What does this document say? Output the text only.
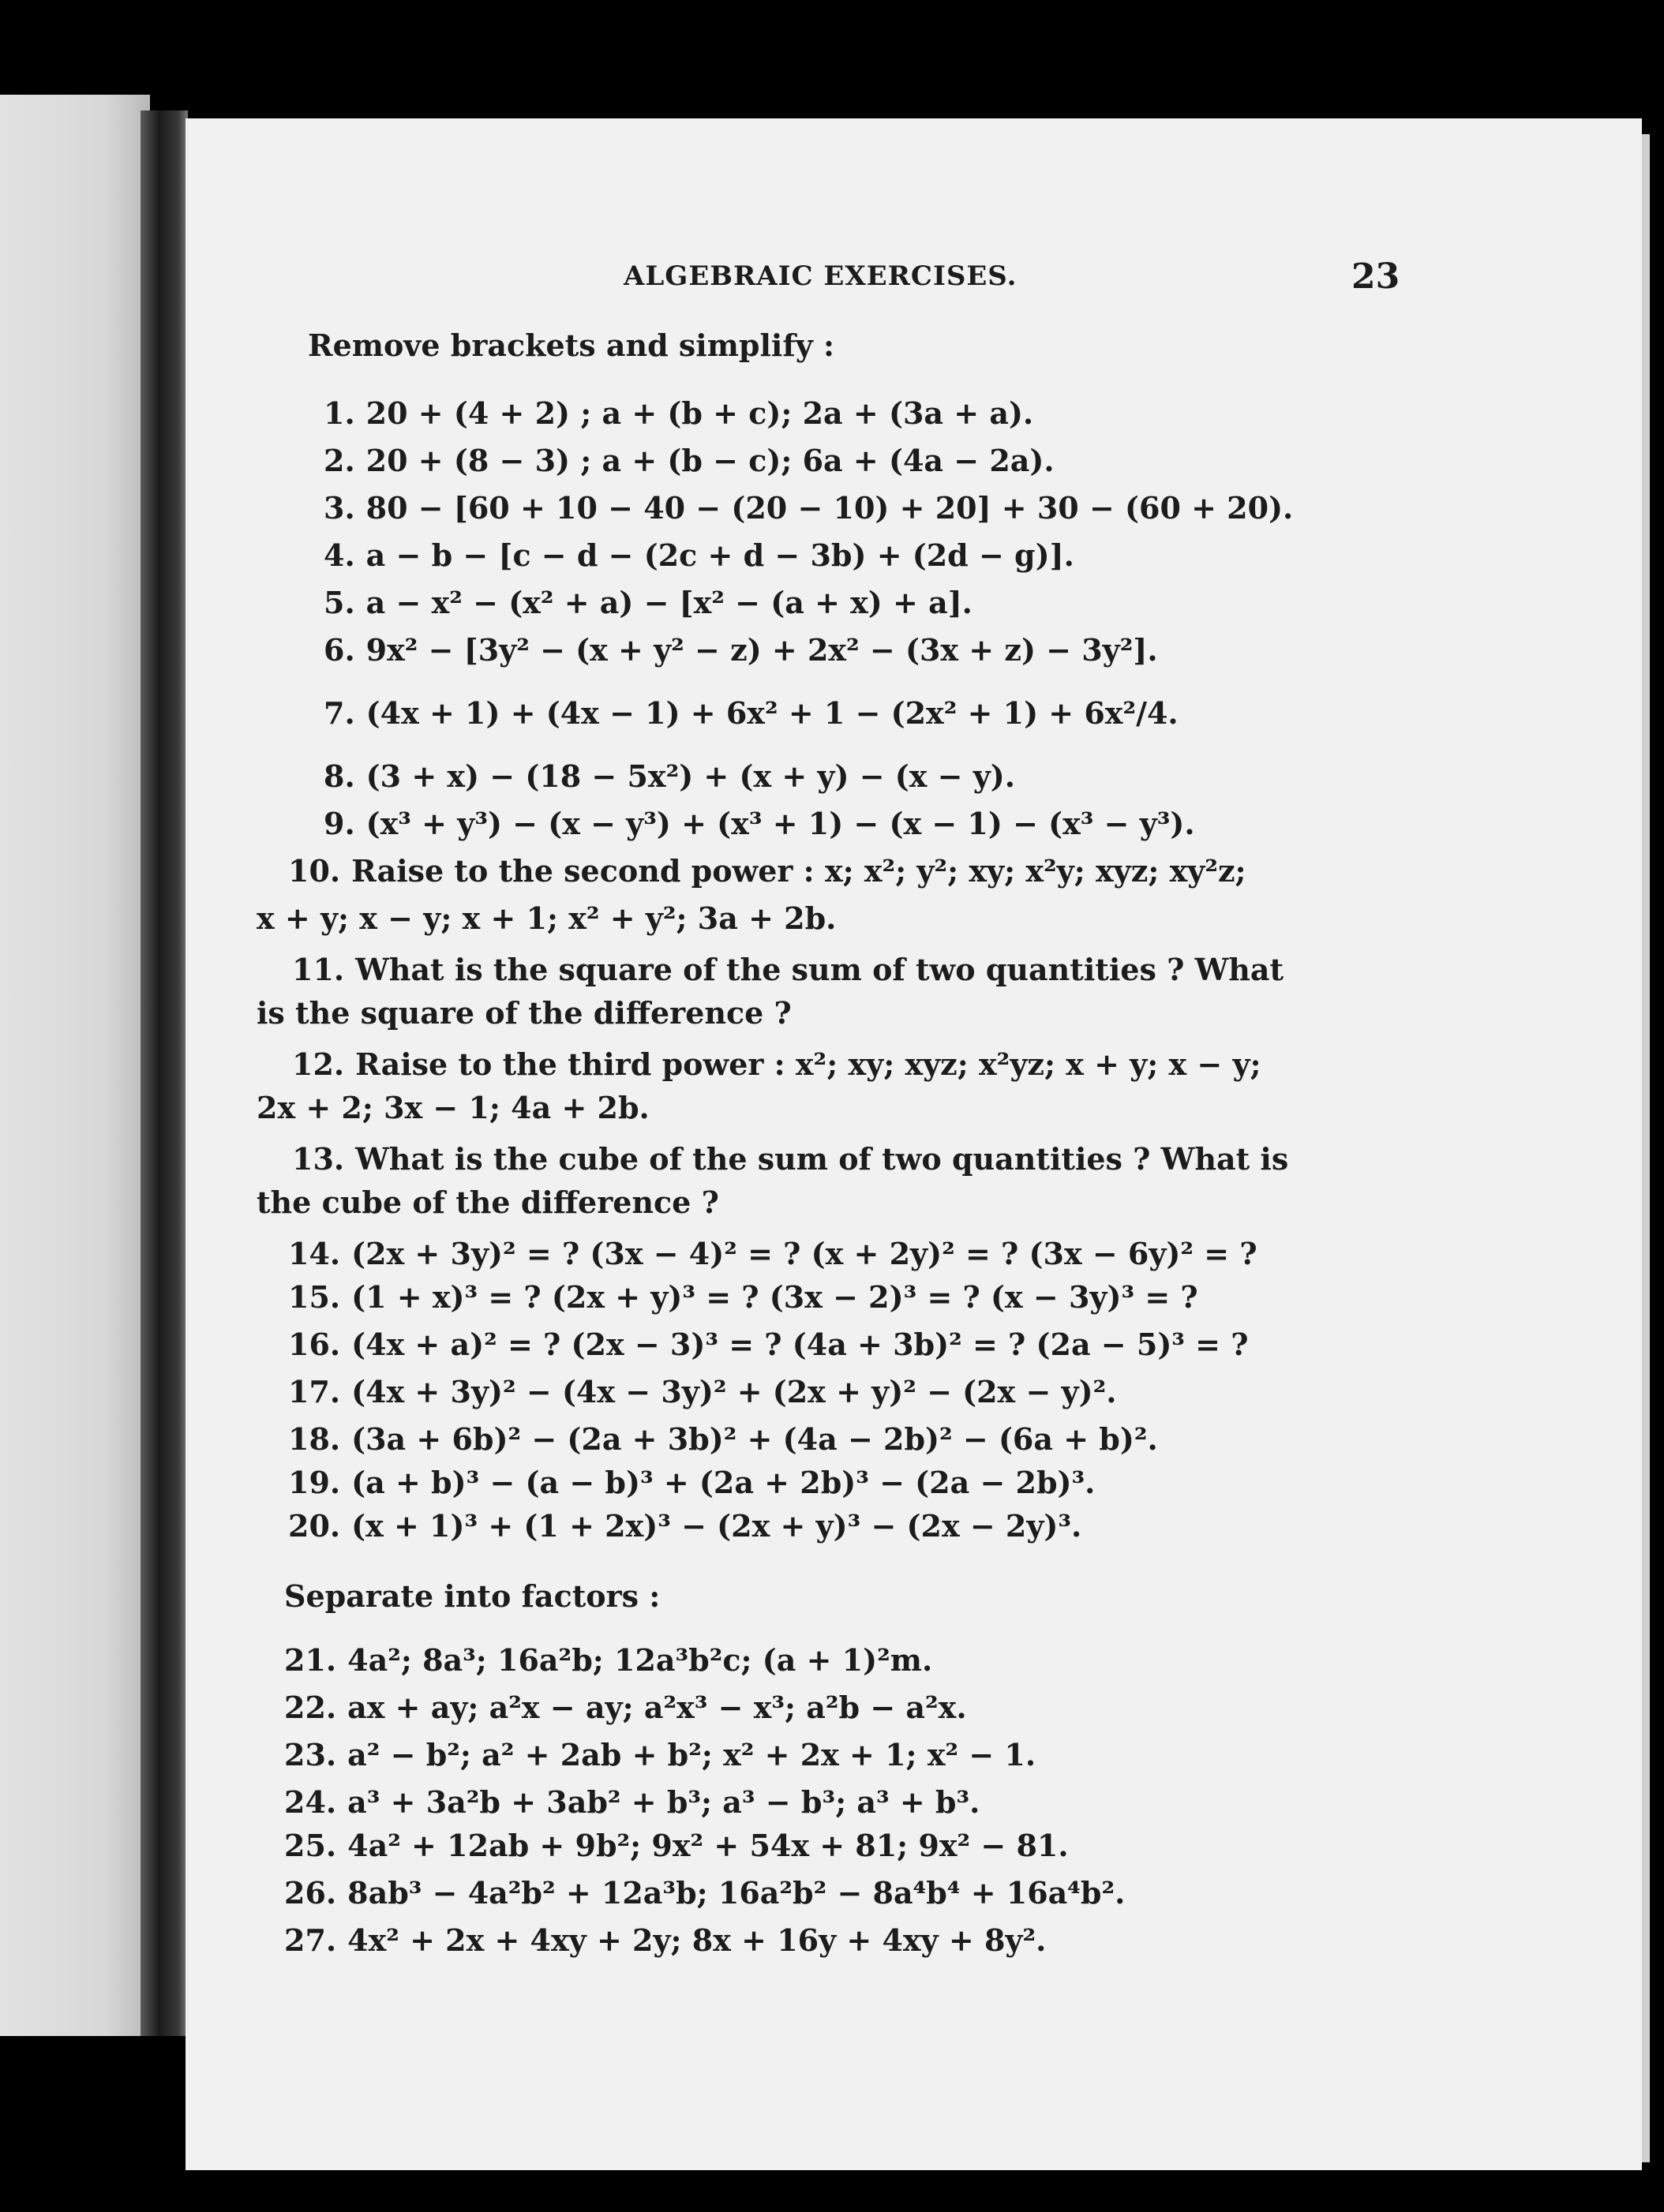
ALGEBRAIC EXERCISES.	23
Remove brackets and simplify :
1. 20 + (4 + 2) ; a + (b + c); 2a + (3a + a).
2. 20 + (8 − 3) ; a + (b − c); 6a + (4a − 2a).
3. 80 − [60 + 10 − 40 − (20 − 10) + 20] + 30 − (60 + 20).
4. a − b − [c − d − (2c + d − 3b) + (2d − g)].
5. a − x² − (x² + a) − [x² − (a + x) + a].
6. 9x² − [3y² − (x + y² − z) + 2x² − (3x + z) − 3y²].
7. (4x + 1) + (4x − 1) + 6x² + 1 − (2x² + 1) + 6x²/4.
8. (3 + x) − (18 − 5x²) + (x + y) − (x − y).
9. (x³ + y³) − (x − y³) + (x³ + 1) − (x − 1) − (x³ − y³).
10. Raise to the second power : x; x²; y²; xy; x²y; xyz; xy²z;
x + y; x − y; x + 1; x² + y²; 3a + 2b.
11. What is the square of the sum of two quantities ? What
is the square of the difference ?
12. Raise to the third power : x²; xy; xyz; x²yz; x + y; x − y;
2x + 2; 3x − 1; 4a + 2b.
13. What is the cube of the sum of two quantities ? What is
the cube of the difference ?
14. (2x + 3y)² = ? (3x − 4)² = ? (x + 2y)² = ? (3x − 6y)² = ?
15. (1 + x)³ = ? (2x + y)³ = ? (3x − 2)³ = ? (x − 3y)³ = ?
16. (4x + a)² = ? (2x − 3)³ = ? (4a + 3b)² = ? (2a − 5)³ = ?
17. (4x + 3y)² − (4x − 3y)² + (2x + y)² − (2x − y)².
18. (3a + 6b)² − (2a + 3b)² + (4a − 2b)² − (6a + b)².
19. (a + b)³ − (a − b)³ + (2a + 2b)³ − (2a − 2b)³.
20. (x + 1)³ + (1 + 2x)³ − (2x + y)³ − (2x − 2y)³.
Separate into factors :
21. 4a²; 8a³; 16a²b; 12a³b²c; (a + 1)²m.
22. ax + ay; a²x − ay; a²x³ − x³; a²b − a²x.
23. a² − b²; a² + 2ab + b²; x² + 2x + 1; x² − 1.
24. a³ + 3a²b + 3ab² + b³; a³ − b³; a³ + b³.
25. 4a² + 12ab + 9b²; 9x² + 54x + 81; 9x² − 81.
26. 8ab³ − 4a²b² + 12a³b; 16a²b² − 8a⁴b⁴ + 16a⁴b².
27. 4x² + 2x + 4xy + 2y; 8x + 16y + 4xy + 8y².
